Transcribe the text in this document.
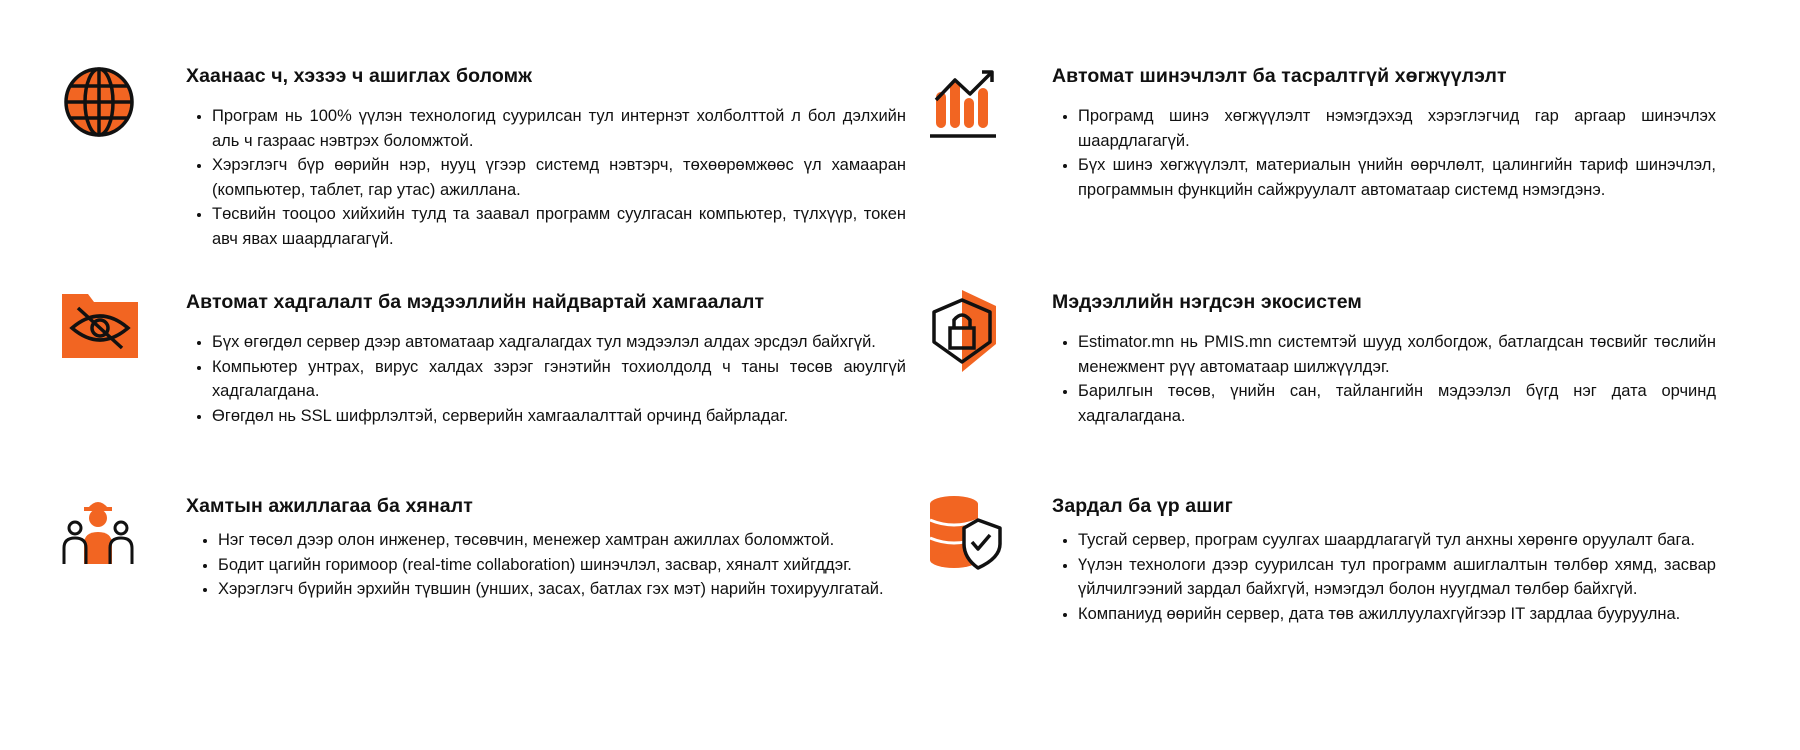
Хаанаас ч, хэзээ ч ашиглах боломж
• Програм нь 100% үүлэн технологид суурилсан тул интернэт холболттой л бол дэлхийн аль ч газраас нэвтрэх боломжтой.
• Хэрэглэгч бүр өөрийн нэр, нууц үгээр системд нэвтэрч, төхөөрөмжөөс үл хамааран (компьютер, таблет, гар утас) ажиллана.
• Төсвийн тооцоо хийхийн тулд та заавал программ суулгасан компьютер, түлхүүр, токен авч явах шаардлагагүй.
Автомат шинэчлэлт ба тасралтгүй хөгжүүлэлт
• Програмд шинэ хөгжүүлэлт нэмэгдэхэд хэрэглэгчид гар аргаар шинэчлэх шаардлагагүй.
• Бүх шинэ хөгжүүлэлт, материалын үнийн өөрчлөлт, цалингийн тариф шинэчлэл, программын функцийн сайжруулалт автоматаар системд нэмэгдэнэ.
Автомат хадгалалт ба мэдээллийн найдвартай хамгаалалт
• Бүх өгөгдөл сервер дээр автоматаар хадгалагдах тул мэдээлэл алдах эрсдэл байхгүй.
• Компьютер унтрах, вирус халдах зэрэг гэнэтийн тохиолдолд ч таны төсөв аюулгүй хадгалагдана.
• Өгөгдөл нь SSL шифрлэлтэй, серверийн хамгаалалттай орчинд байрладаг.
Мэдээллийн нэгдсэн экосистем
• Estimator.mn нь PMIS.mn системтэй шууд холбогдож, батлагдсан төсвийг төслийн менежмент рүү автоматаар шилжүүлдэг.
• Барилгын төсөв, үнийн сан, тайлангийн мэдээлэл бүгд нэг дата орчинд хадгалагдана.
Хамтын ажиллагаа ба хяналт
• Нэг төсөл дээр олон инженер, төсөвчин, менежер хамтран ажиллах боломжтой.
• Бодит цагийн горимоор (real-time collaboration) шинэчлэл, засвар, хяналт хийгддэг.
• Хэрэглэгч бүрийн эрхийн түвшин (унших, засах, батлах гэх мэт) нарийн тохируулгатай.
Зардал ба үр ашиг
• Тусгай сервер, програм суулгах шаардлагагүй тул анхны хөрөнгө оруулалт бага.
• Үүлэн технологи дээр суурилсан тул программ ашиглалтын төлбөр хямд, засвар үйлчилгээний зардал байхгүй, нэмэгдэл болон нуугдмал төлбөр байхгүй.
• Компаниуд өөрийн сервер, дата төв ажиллуулахгүйгээр IT зардлаа бууруулна.
